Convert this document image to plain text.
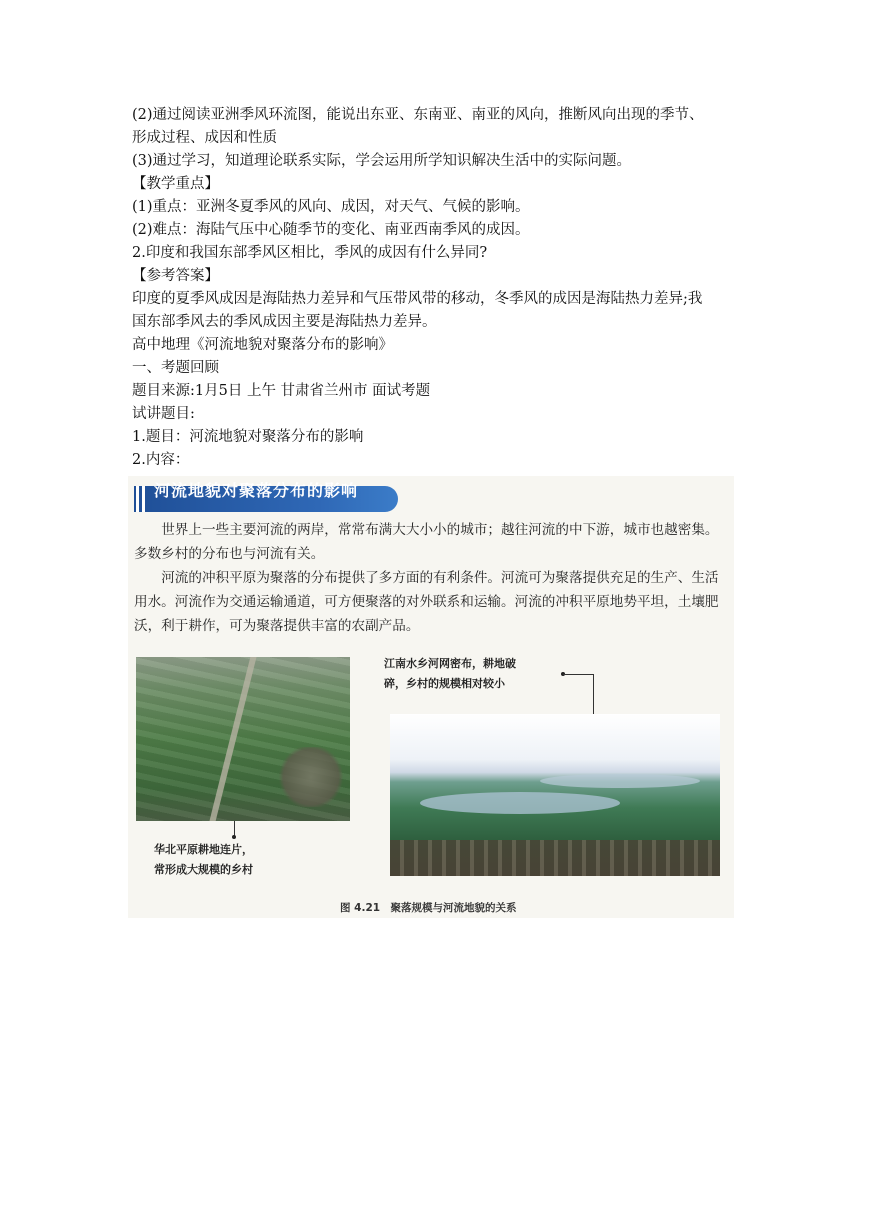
(2)通过阅读亚洲季风环流图，能说出东亚、东南亚、南亚的风向，推断风向出现的季节、
形成过程、成因和性质
(3)通过学习，知道理论联系实际，学会运用所学知识解决生活中的实际问题。
【教学重点】
(1)重点：亚洲冬夏季风的风向、成因，对天气、气候的影响。
(2)难点：海陆气压中心随季节的变化、南亚西南季风的成因。
2.印度和我国东部季风区相比，季风的成因有什么异同?
【参考答案】
印度的夏季风成因是海陆热力差异和气压带风带的移动，冬季风的成因是海陆热力差异;我
国东部季风去的季风成因主要是海陆热力差异。
高中地理《河流地貌对聚落分布的影响》
一、考题回顾
题目来源:1月5日 上午 甘肃省兰州市 面试考题
试讲题目:
1.题目：河流地貌对聚落分布的影响
2.内容：
河流地貌对聚落分布的影响

世界上一些主要河流的两岸，常常布满大大小小的城市；越往河流的中下游，城市也越密集。多数乡村的分布也与河流有关。

河流的冲积平原为聚落的分布提供了多方面的有利条件。河流可为聚落提供充足的生产、生活用水。河流作为交通运输通道，可方便聚落的对外联系和运输。河流的冲积平原地势平坦，土壤肥沃，利于耕作，可为聚落提供丰富的农副产品。

华北平原耕地连片，
常形成大规模的乡村
江南水乡河网密布，耕地破
碎，乡村的规模相对较小
图 4.21　聚落规模与河流地貌的关系
